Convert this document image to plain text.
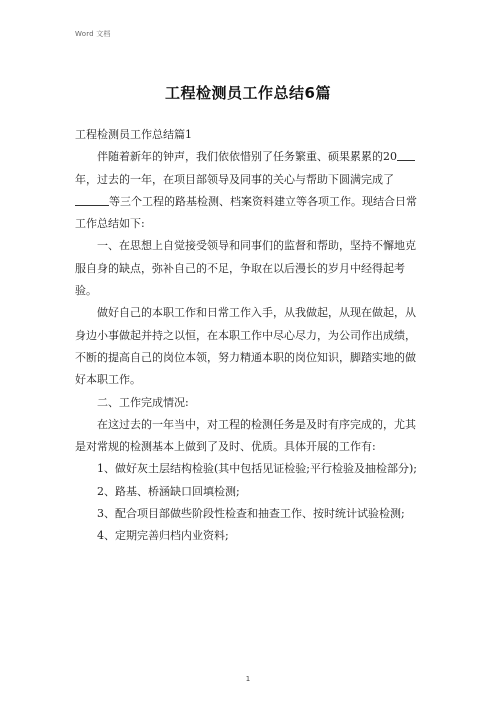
Word 文档
工程检测员工作总结6篇

工程检测员工作总结篇1

伴随着新年的钟声，我们依依惜别了任务繁重、硕果累累的20年，过去的一年，在项目部领导及同事的关心与帮助下圆满完成了等三个工程的路基检测、档案资料建立等各项工作。现结合日常工作总结如下:

一、在思想上自觉接受领导和同事们的监督和帮助，坚持不懈地克服自身的缺点，弥补自己的不足，争取在以后漫长的岁月中经得起考验。

做好自己的本职工作和日常工作入手，从我做起，从现在做起，从身边小事做起并持之以恒，在本职工作中尽心尽力，为公司作出成绩，不断的提高自己的岗位本领，努力精通本职的岗位知识，脚踏实地的做好本职工作。

二、工作完成情况:

在这过去的一年当中，对工程的检测任务是及时有序完成的，尤其是对常规的检测基本上做到了及时、优质。具体开展的工作有:

1、做好灰土层结构检验(其中包括见证检验;平行检验及抽检部分);

2、路基、桥涵缺口回填检测;

3、配合项目部做些阶段性检查和抽查工作、按时统计试验检测;

4、定期完善归档内业资料;

1
